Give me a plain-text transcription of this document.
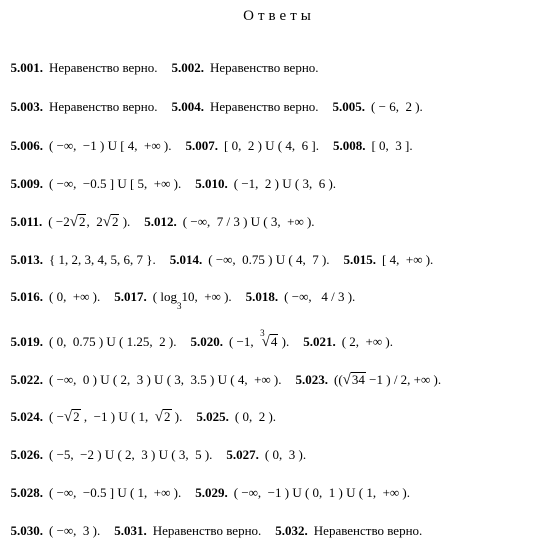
Ответы

5.001. Неравенство верно. 5.002. Неравенство верно.

5.003. Неравенство верно. 5.004. Неравенство верно. 5.005. ( − 6,  2 ).

5.006. ( −∞,  −1 ) U [ 4,  +∞ ). 5.007. [ 0,  2 ) U ( 4,  6 ]. 5.008. [ 0,  3 ].

5.009. ( −∞,  −0.5 ] U [ 5,  +∞ ). 5.010. ( −1,  2 ) U ( 3,  6 ).

5.011. ( −2√2,  2√2 ). 5.012. ( −∞,  7 / 3 ) U ( 3,  +∞ ).

5.013. { 1, 2, 3, 4, 5, 6, 7 }. 5.014. ( −∞,  0.75 ) U ( 4,  7 ). 5.015. [ 4,  +∞ ).

5.016. ( 0,  +∞ ). 5.017. ( $\log_310$,  +∞ ). 5.018. ( −∞,   4 / 3 ).

5.019. ( 0,  0.75 ) U ( 1.25,  2 ). 5.020. ( −1,  $^3$√4 ). 5.021. ( 2,  +∞ ).

5.022. ( −∞,  0 ) U ( 2,  3 ) U ( 3,  3.5 ) U ( 4,  +∞ ). 5.023. ((√34 −1 ) / 2, +∞ ).

5.024. ( −√2 ,  −1 ) U ( 1,  √2 ). 5.025. ( 0,  2 ).

5.026. ( −5,  −2 ) U ( 2,  3 ) U ( 3,  5 ). 5.027. ( 0,  3 ).

5.028. ( −∞,  −0.5 ] U ( 1,  +∞ ). 5.029. ( −∞,  −1 ) U ( 0,  1 ) U ( 1,  +∞ ).

5.030. ( −∞,  3 ). 5.031. Неравенство верно. 5.032. Неравенство верно.
